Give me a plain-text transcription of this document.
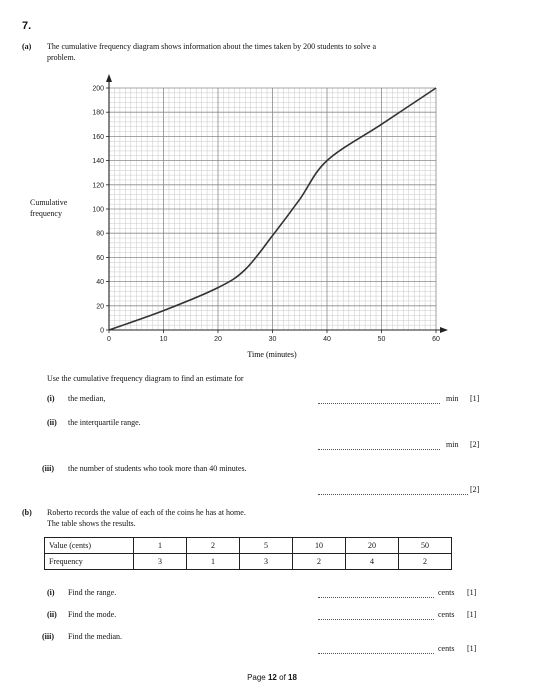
7.
(a) The cumulative frequency diagram shows information about the times taken by 200 students to solve a
problem.
0	10	20	30	40	50	60
0
20
40
60
80
100
120
140
160
180
200
Time (minutes)
Cumulative
frequency
Use the cumulative frequency diagram to find an estimate for
(i) the median,	min [1]
(ii) the interquartile range.
min [2]
(iii) the number of students who took more than 40 minutes.
[2]
(b) Roberto records the value of each of the coins he has at home.
The table shows the results.
Value (cents)	1	2	5	10	20	50
Frequency	3	1	3	2	4	2
(i) Find the range.	cents [1]
(ii) Find the mode.	cents [1]
(iii) Find the median.
cents [1]
Page 12 of 18
